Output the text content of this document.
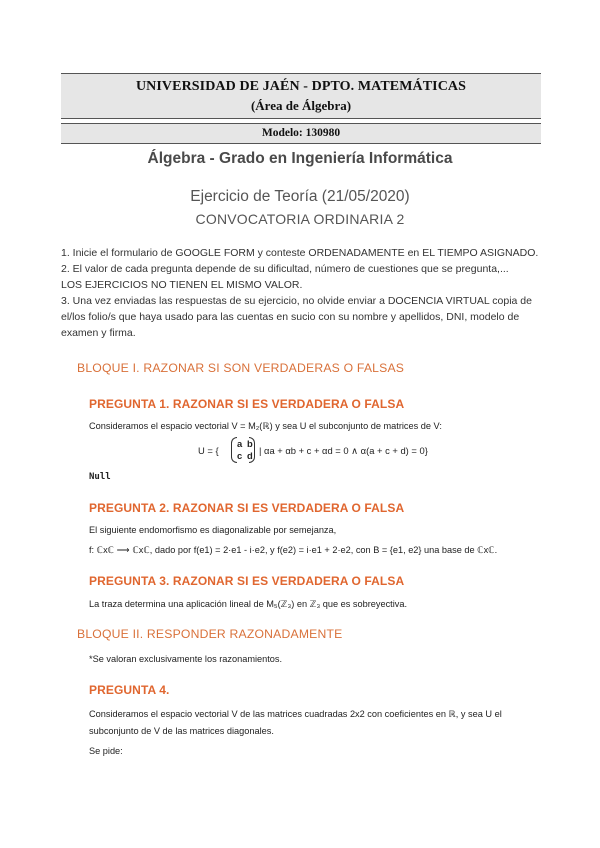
UNIVERSIDAD DE JAÉN - DPTO. MATEMÁTICAS
(Área de Álgebra)
Modelo: 130980
Álgebra - Grado en Ingeniería Informática
Ejercicio de Teoría (21/05/2020)
CONVOCATORIA ORDINARIA 2
1. Inicie el formulario de GOOGLE FORM y conteste ORDENADAMENTE en EL TIEMPO ASIGNADO.
2. El valor de cada pregunta depende de su dificultad, número de cuestiones que se pregunta,...
LOS EJERCICIOS NO TIENEN EL MISMO VALOR.
3. Una vez enviadas las respuestas de su ejercicio, no olvide enviar a DOCENCIA VIRTUAL copia de
el/los folio/s que haya usado para las cuentas en sucio con su nombre y apellidos, DNI, modelo de
examen y firma.
BLOQUE I. RAZONAR SI SON VERDADERAS O FALSAS
PREGUNTA 1. RAZONAR SI ES VERDADERA O FALSA
Consideramos el espacio vectorial V = M₂(ℝ) y sea U el subconjunto de matrices de V:
U = {
a b
c d | αa + αb + c + αd = 0 ∧ α(a + c + d) = 0}
Null
PREGUNTA 2. RAZONAR SI ES VERDADERA O FALSA
El siguiente endomorfismo es diagonalizable por semejanza,
f: ℂxℂ ⟶ ℂxℂ, dado por f(e1) = 2·e1 - i·e2, y f(e2) = i·e1 + 2·e2, con B = {e1, e2} una base de ℂxℂ.
PREGUNTA 3. RAZONAR SI ES VERDADERA O FALSA
La traza determina una aplicación lineal de M₅(ℤ₃) en ℤ₃ que es sobreyectiva.
BLOQUE II. RESPONDER RAZONADAMENTE
*Se valoran exclusivamente los razonamientos.
PREGUNTA 4.
Consideramos el espacio vectorial V de las matrices cuadradas 2x2 con coeficientes en ℝ, y sea U el
subconjunto de V de las matrices diagonales.
Se pide:
